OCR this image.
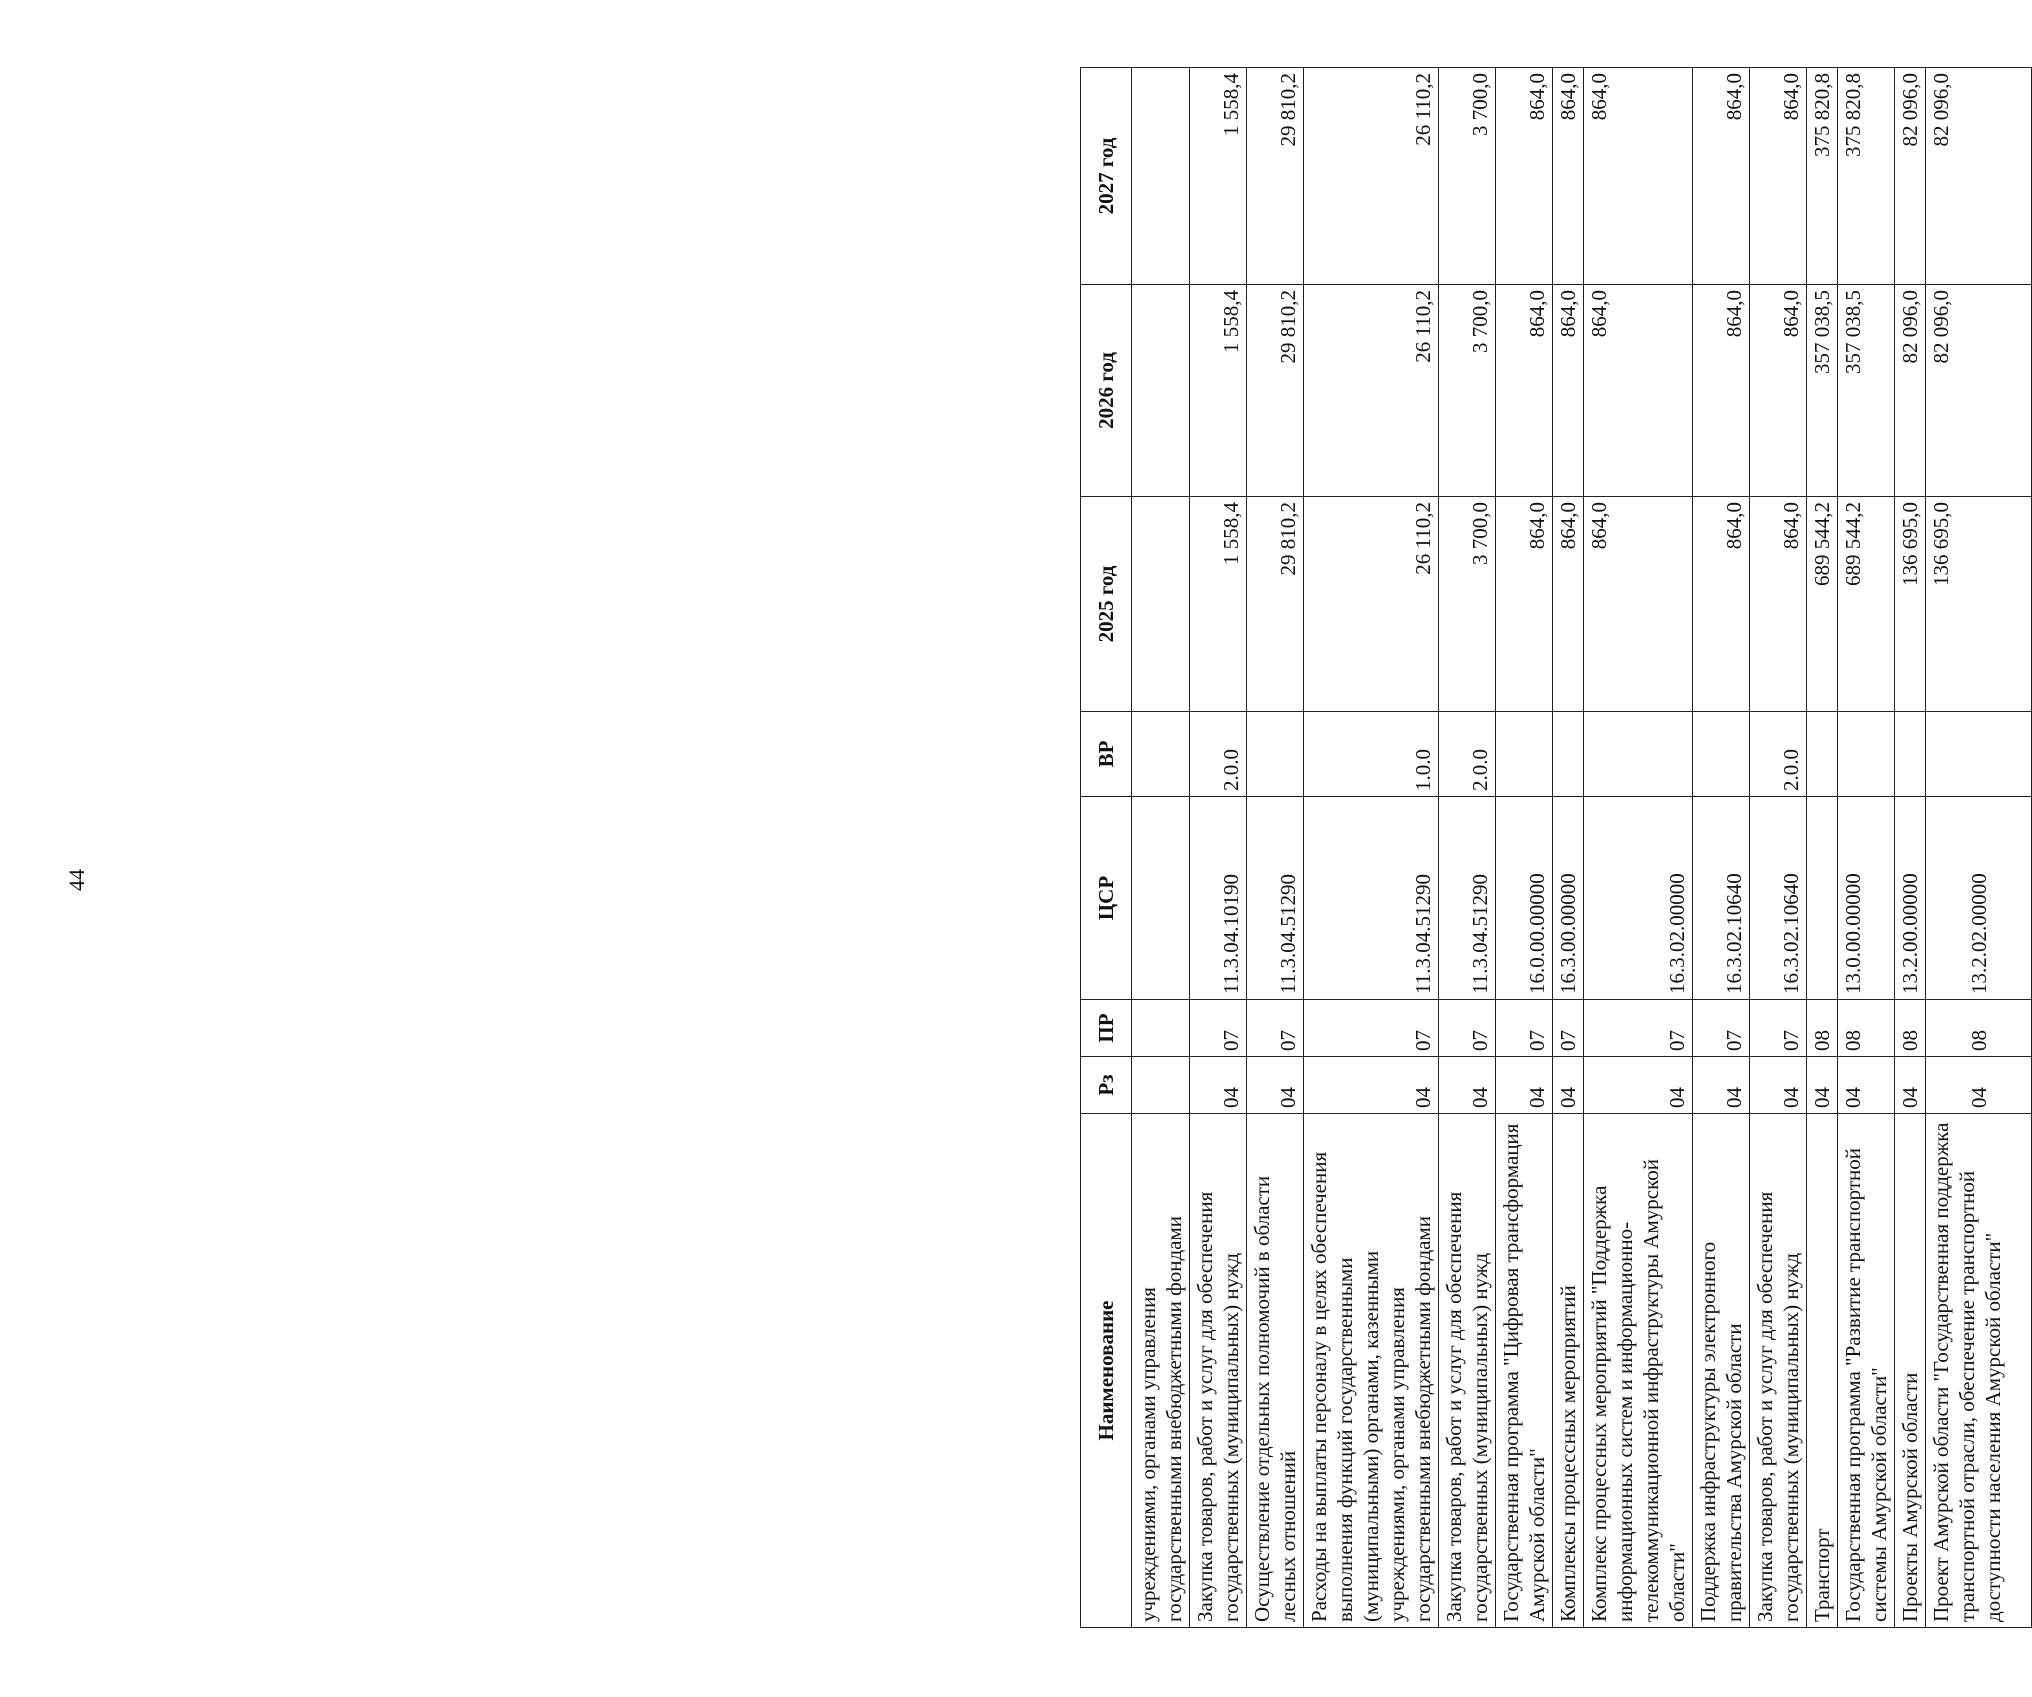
44
Наименование	Рз	ПР	ЦСР	ВР	2025 год	2026 год	2027 год
учреждениями, органами управления государственными внебюджетными фондами							
Закупка товаров, работ и услуг для обеспечения государственных (муниципальных) нужд	04	07	11.3.04.10190	2.0.0	1 558,4	1 558,4	1 558,4
Осуществление отдельных полномочий в области лесных отношений	04	07	11.3.04.51290		29 810,2	29 810,2	29 810,2
Расходы на выплаты персоналу в целях обеспечения выполнения функций государственными (муниципальными) органами, казенными учреждениями, органами управления государственными внебюджетными фондами	04	07	11.3.04.51290	1.0.0	26 110,2	26 110,2	26 110,2
Закупка товаров, работ и услуг для обеспечения государственных (муниципальных) нужд	04	07	11.3.04.51290	2.0.0	3 700,0	3 700,0	3 700,0
Государственная программа "Цифровая трансформация Амурской области"	04	07	16.0.00.00000		864,0	864,0	864,0
Комплексы процессных мероприятий	04	07	16.3.00.00000		864,0	864,0	864,0
Комплекс процессных мероприятий "Поддержка информационных систем и информационно-телекоммуникационной инфраструктуры Амурской области"	04	07	16.3.02.00000		864,0	864,0	864,0
Поддержка инфраструктуры электронного правительства Амурской области	04	07	16.3.02.10640		864,0	864,0	864,0
Закупка товаров, работ и услуг для обеспечения государственных (муниципальных) нужд	04	07	16.3.02.10640	2.0.0	864,0	864,0	864,0
Транспорт	04	08			689 544,2	357 038,5	375 820,8
Государственная программа "Развитие транспортной системы Амурской области"	04	08	13.0.00.00000		689 544,2	357 038,5	375 820,8
Проекты Амурской области	04	08	13.2.00.00000		136 695,0	82 096,0	82 096,0
Проект Амурской области "Государственная поддержка транспортной отрасли, обеспечение транспортной доступности населения Амурской области"	04	08	13.2.02.00000		136 695,0	82 096,0	82 096,0
